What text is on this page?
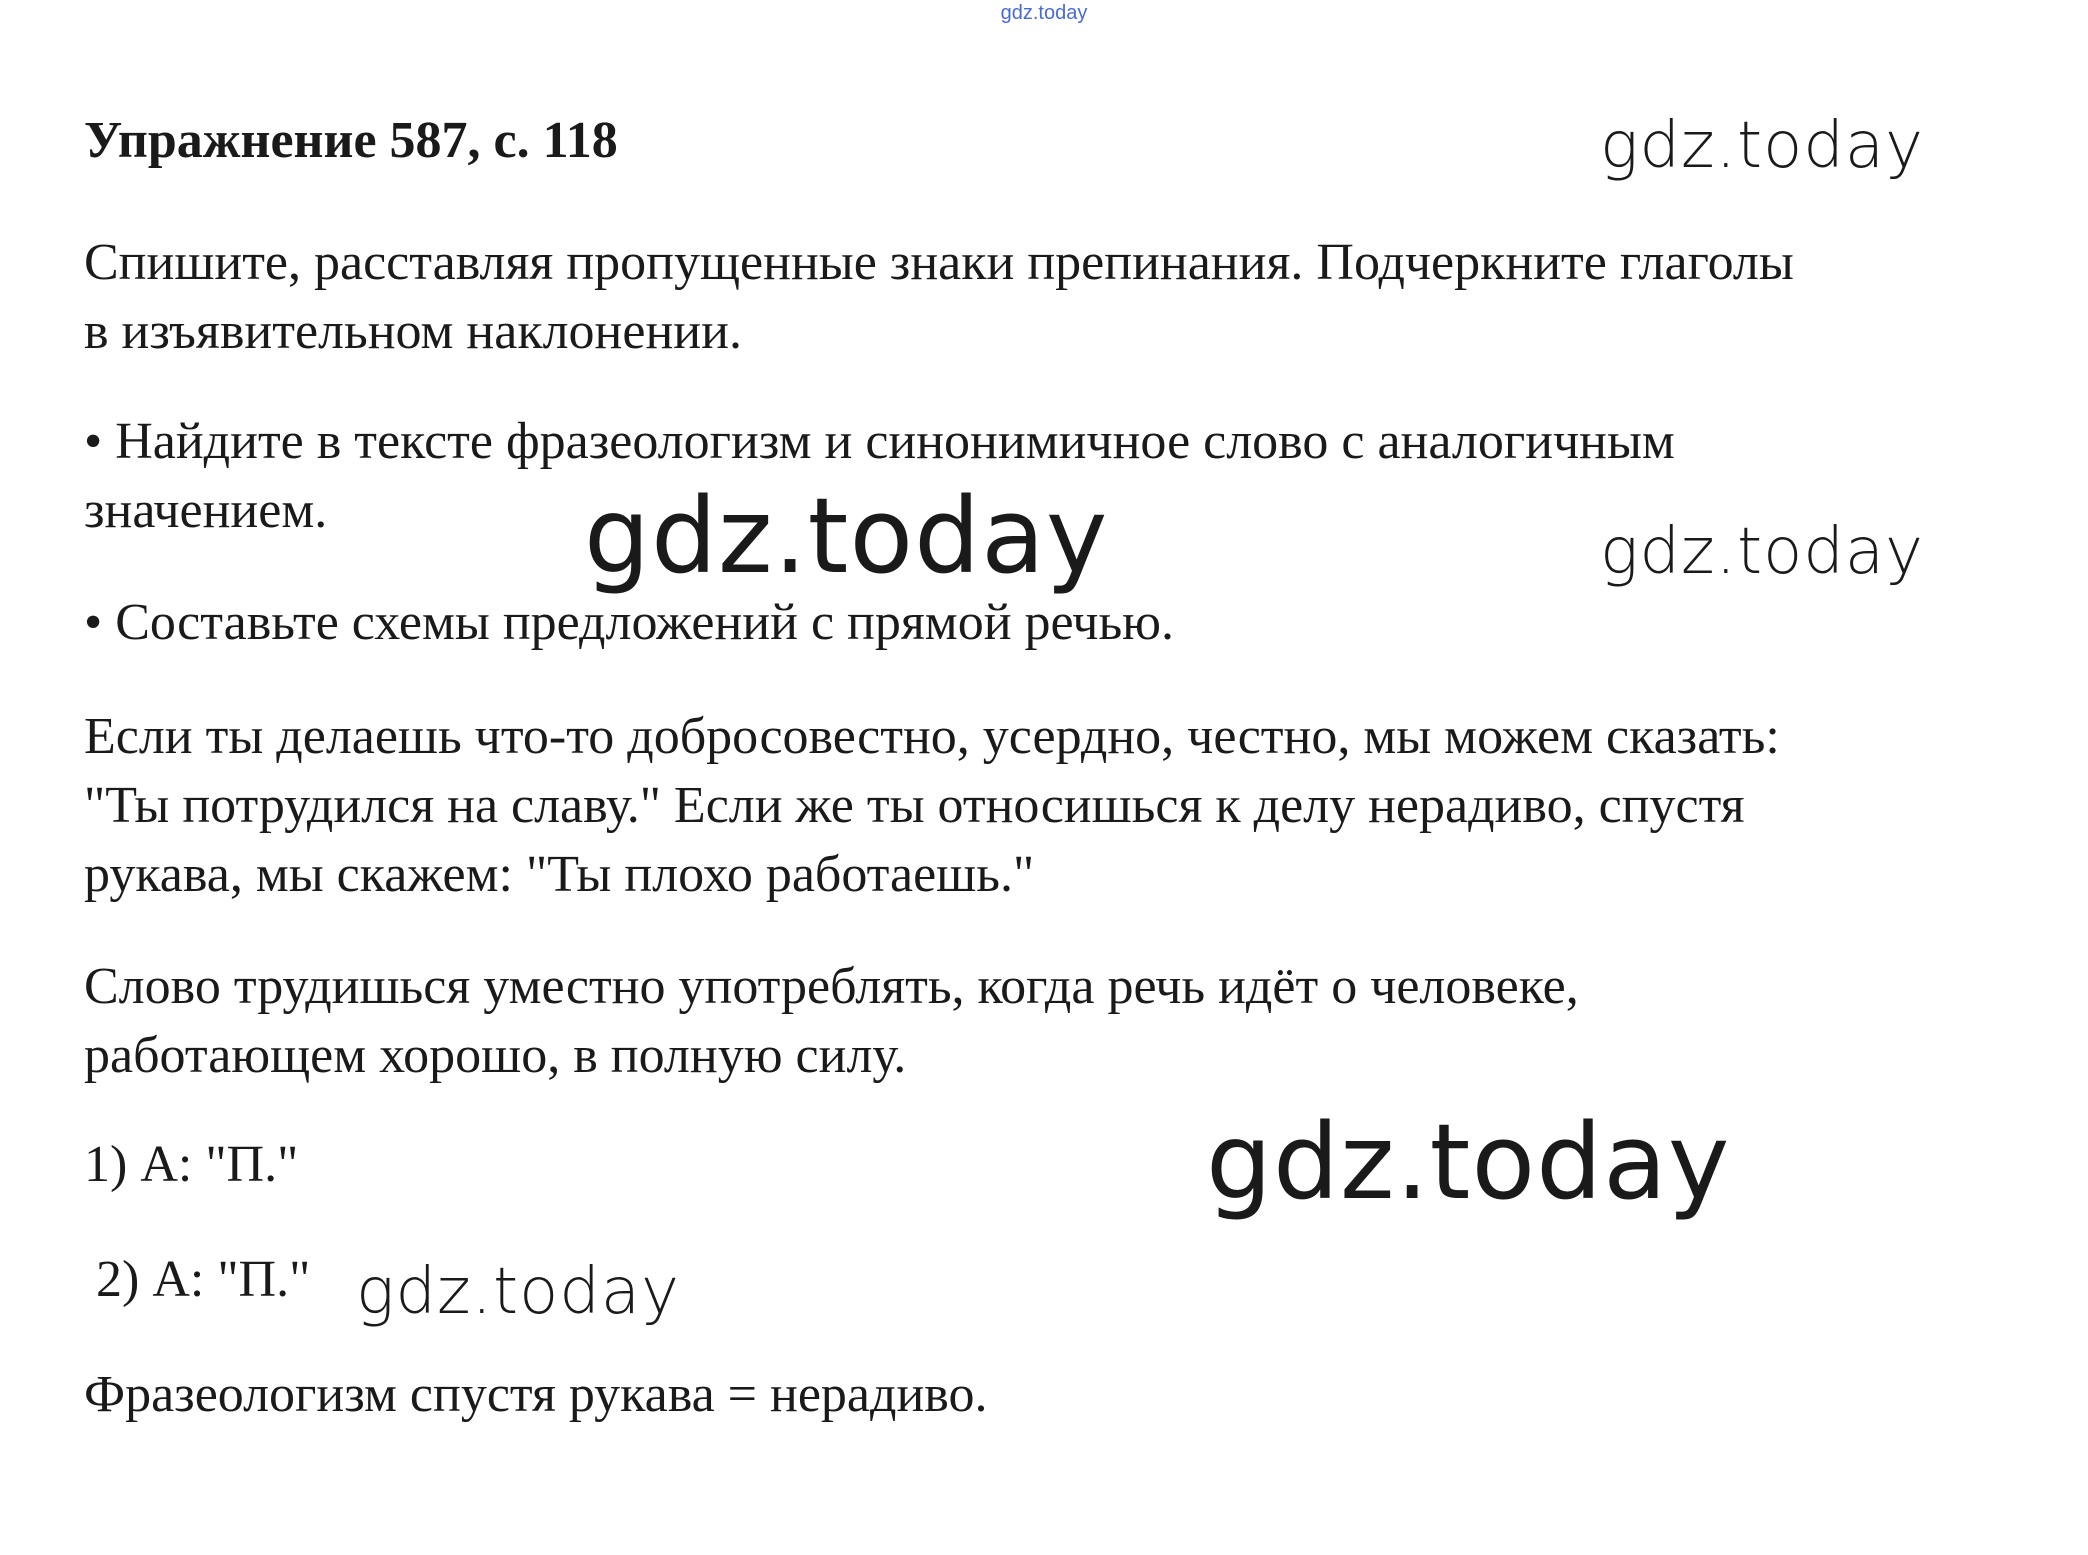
gdz.today
Упражнение 587, с. 118
Спишите, расставляя пропущенные знаки препинания. Подчеркните глаголы
в изъявительном наклонении.
• Найдите в тексте фразеологизм и синонимичное слово с аналогичным
значением.
• Составьте схемы предложений с прямой речью.
Если ты делаешь что-то добросовестно, усердно, честно, мы можем сказать:
"Ты потрудился на славу." Если же ты относишься к делу нерадиво, спустя
рукава, мы скажем: "Ты плохо работаешь."
Слово трудишься уместно употреблять, когда речь идёт о человеке,
работающем хорошо, в полную силу.
1) А: "П."
2) А: "П."
Фразеологизм спустя рукава = нерадиво.
gdz.today
gdz.today	gdz.today
gdz.today
gdz.today
